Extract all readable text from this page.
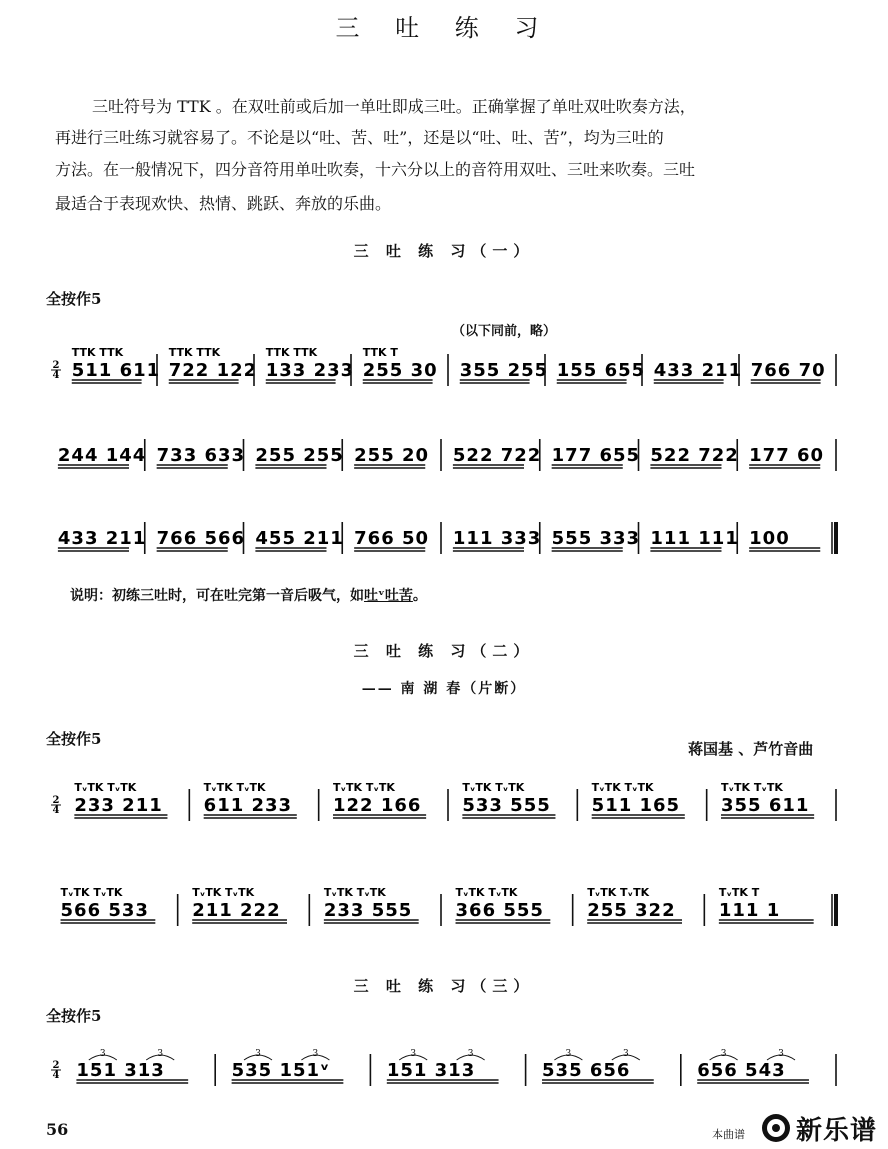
三 吐 练 习
三吐符号为 TTK 。在双吐前或后加一单吐即成三吐。正确掌握了单吐双吐吹奏方法，
再进行三吐练习就容易了。不论是以“吐、苦、吐”，还是以“吐、吐、苦”，均为三吐的
方法。在一般情况下，四分音符用单吐吹奏，十六分以上的音符用双吐、三吐来吹奏。三吐
最适合于表现欢快、热情、跳跃、奔放的乐曲。
三 吐 练 习（一）
全按作5
（以下同前，略）
2
4 511 611
TTK TTK
722 122
TTK TTK
133 233
TTK TTK
255 30
TTK T
355 255 155 655 433 211 766 70
244 144 733 633 255 255 255 20 522 722 177 655 522 722 177 60
433 211 766 566 455 211 766 50 111 333 555 333 111 111 100
说明：初练三吐时，可在吐完第一音后吸气，如吐ᵛ吐苦。
三 吐 练 习（二）
—— 南 湖 春（片断）
全按作5
蒋国基 、芦竹音曲
2
4 233 211
TᵥTK TᵥTK
611 233
TᵥTK TᵥTK
122 166
TᵥTK TᵥTK
533 555
TᵥTK TᵥTK
511 165
TᵥTK TᵥTK
355 611
TᵥTK TᵥTK
566 533
TᵥTK TᵥTK
211 222
TᵥTK TᵥTK
233 555
TᵥTK TᵥTK
366 555
TᵥTK TᵥTK
255 322
TᵥTK TᵥTK
111 1
TᵥTK T
三 吐 练 习（三）
全按作5
2
4 151 313
3	3
535 151ᵛ
3	3
151 313
3	3
535 656
3	3
656 543
3	3
56	本曲谱 新乐谱
